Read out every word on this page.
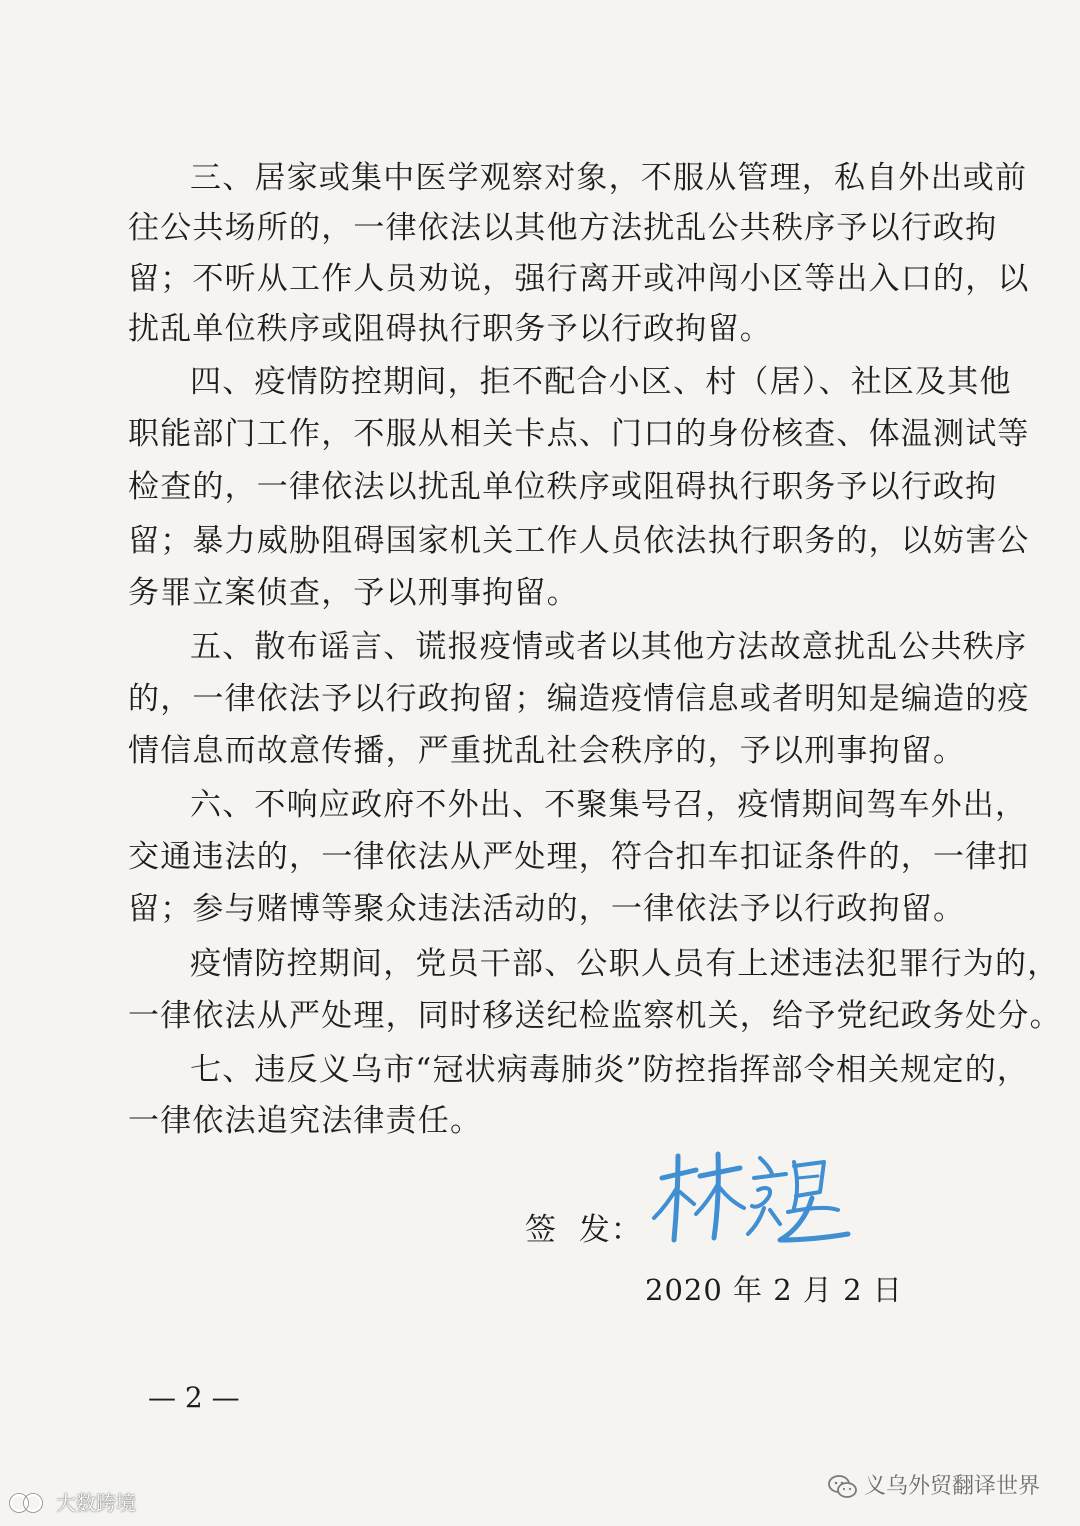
三、居家或集中医学观察对象，不服从管理，私自外出或前
往公共场所的，一律依法以其他方法扰乱公共秩序予以行政拘
留；不听从工作人员劝说，强行离开或冲闯小区等出入口的，以
扰乱单位秩序或阻碍执行职务予以行政拘留。
四、疫情防控期间，拒不配合小区、村（居）、社区及其他
职能部门工作，不服从相关卡点、门口的身份核查、体温测试等
检查的，一律依法以扰乱单位秩序或阻碍执行职务予以行政拘
留；暴力威胁阻碍国家机关工作人员依法执行职务的，以妨害公
务罪立案侦查，予以刑事拘留。
五、散布谣言、谎报疫情或者以其他方法故意扰乱公共秩序
的，一律依法予以行政拘留；编造疫情信息或者明知是编造的疫
情信息而故意传播，严重扰乱社会秩序的，予以刑事拘留。
六、不响应政府不外出、不聚集号召，疫情期间驾车外出，
交通违法的，一律依法从严处理，符合扣车扣证条件的，一律扣
留；参与赌博等聚众违法活动的，一律依法予以行政拘留。
疫情防控期间，党员干部、公职人员有上述违法犯罪行为的，
一律依法从严处理，同时移送纪检监察机关，给予党纪政务处分。
七、违反义乌市“冠状病毒肺炎”防控指挥部令相关规定的，
一律依法追究法律责任。
签  发：
2020 年 2 月 2 日
— 2 —
义乌外贸翻译世界
大数跨境
